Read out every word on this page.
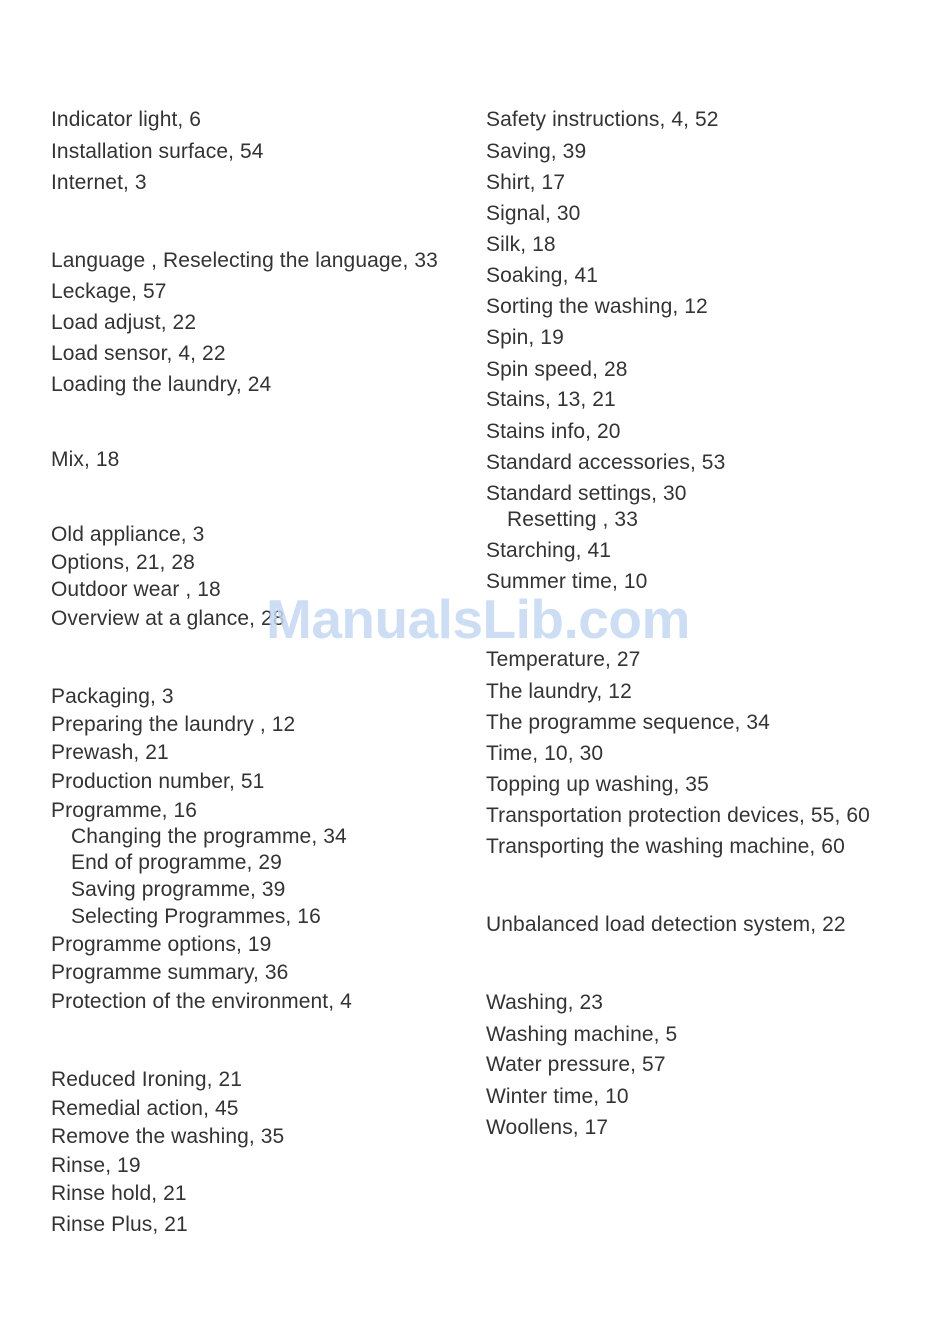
Indicator light, 6
Installation surface, 54
Internet, 3
Language , Reselecting the language, 33
Leckage, 57
Load adjust, 22
Load sensor, 4, 22
Loading the laundry, 24
Mix, 18
Old appliance, 3
Options, 21, 28
Outdoor wear , 18
Overview at a glance, 28
Packaging, 3
Preparing the laundry , 12
Prewash, 21
Production number, 51
Programme, 16
Changing the programme, 34
End of programme, 29
Saving programme, 39
Selecting Programmes, 16
Programme options, 19
Programme summary, 36
Protection of the environment, 4
Reduced Ironing, 21
Remedial action, 45
Remove the washing, 35
Rinse, 19
Rinse hold, 21
Rinse Plus, 21
Safety instructions, 4, 52
Saving, 39
Shirt, 17
Signal, 30
Silk, 18
Soaking, 41
Sorting the washing, 12
Spin, 19
Spin speed, 28
Stains, 13, 21
Stains info, 20
Standard accessories, 53
Standard settings, 30
Resetting , 33
Starching, 41
Summer time, 10
Temperature, 27
The laundry, 12
The programme sequence, 34
Time, 10, 30
Topping up washing, 35
Transportation protection devices, 55, 60
Transporting the washing machine, 60
Unbalanced load detection system, 22
Washing, 23
Washing machine, 5
Water pressure, 57
Winter time, 10
Woollens, 17
ManualsLib.com
